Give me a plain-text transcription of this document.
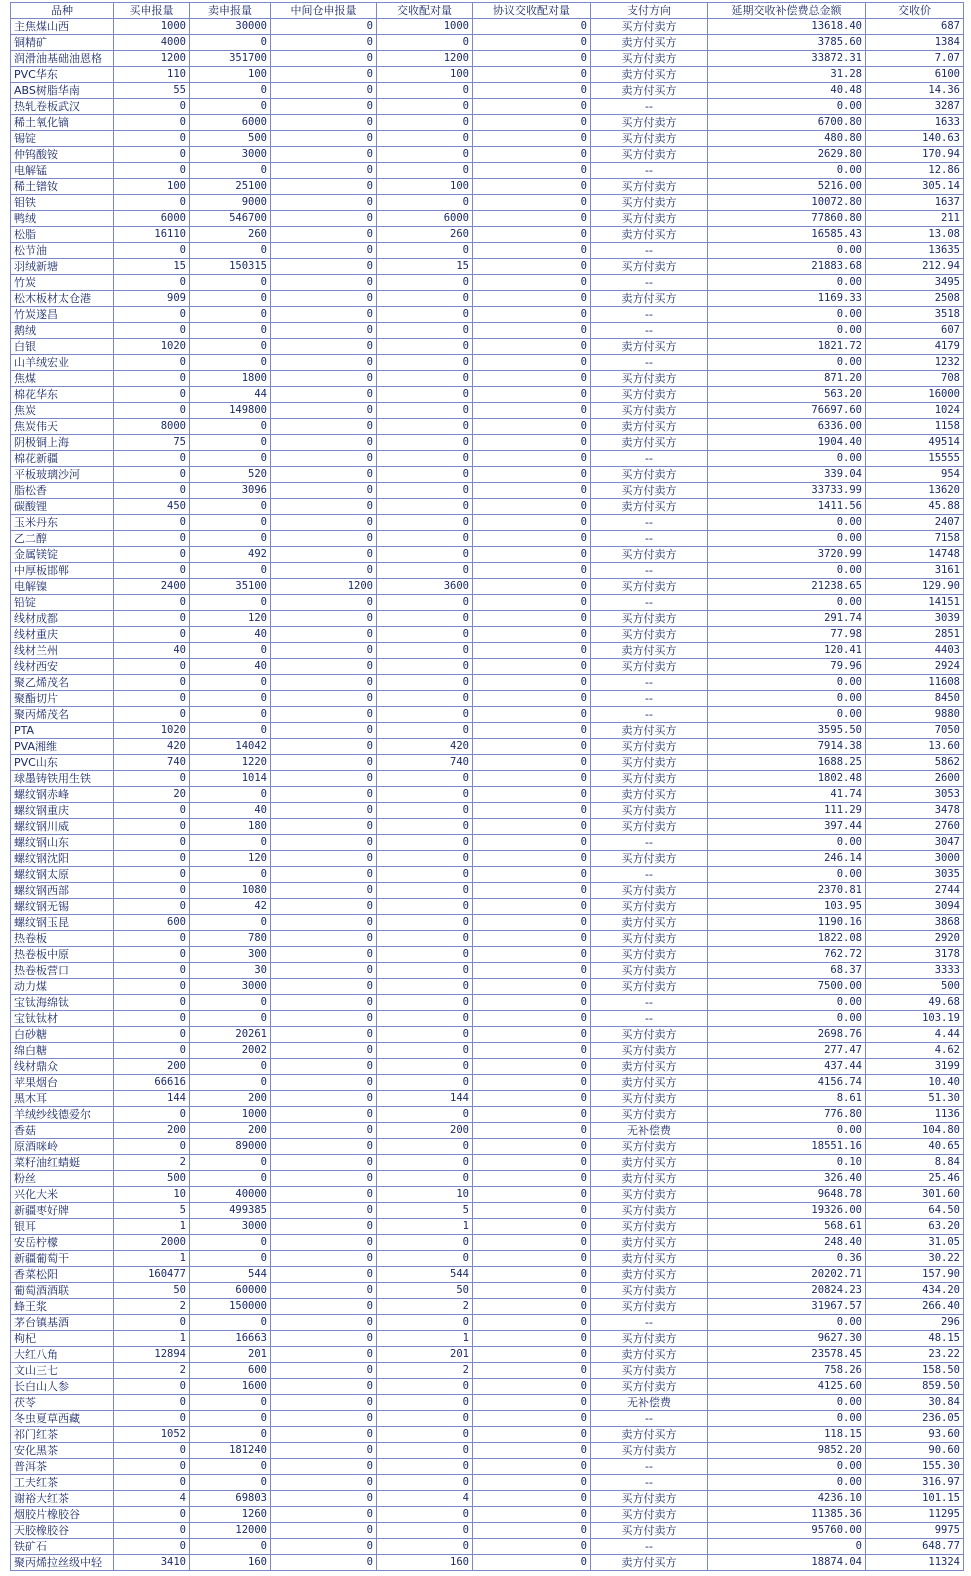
品种	买申报量	卖申报量	中间仓申报量	交收配对量	协议交收配对量	支付方向	延期交收补偿费总金额	交收价
主焦煤山西	1000	30000	0	1000	0	买方付卖方	13618.40	687
铜精矿	4000	0	0	0	0	卖方付买方	3785.60	1384
润滑油基础油恩格	1200	351700	0	1200	0	买方付卖方	33872.31	7.07
PVC华东	110	100	0	100	0	卖方付买方	31.28	6100
ABS树脂华南	55	0	0	0	0	卖方付买方	40.48	14.36
热轧卷板武汉	0	0	0	0	0	--	0.00	3287
稀土氧化镝	0	6000	0	0	0	买方付卖方	6700.80	1633
锡锭	0	500	0	0	0	买方付卖方	480.80	140.63
仲钨酸铵	0	3000	0	0	0	买方付卖方	2629.80	170.94
电解锰	0	0	0	0	0	--	0.00	12.86
稀土镨钕	100	25100	0	100	0	买方付卖方	5216.00	305.14
钼铁	0	9000	0	0	0	买方付卖方	10072.80	1637
鸭绒	6000	546700	0	6000	0	买方付卖方	77860.80	211
松脂	16110	260	0	260	0	卖方付买方	16585.43	13.08
松节油	0	0	0	0	0	--	0.00	13635
羽绒新塘	15	150315	0	15	0	买方付卖方	21883.68	212.94
竹炭	0	0	0	0	0	--	0.00	3495
松木板材太仓港	909	0	0	0	0	卖方付买方	1169.33	2508
竹炭遂昌	0	0	0	0	0	--	0.00	3518
鹅绒	0	0	0	0	0	--	0.00	607
白银	1020	0	0	0	0	卖方付买方	1821.72	4179
山羊绒宏业	0	0	0	0	0	--	0.00	1232
焦煤	0	1800	0	0	0	买方付卖方	871.20	708
棉花华东	0	44	0	0	0	买方付卖方	563.20	16000
焦炭	0	149800	0	0	0	买方付卖方	76697.60	1024
焦炭伟天	8000	0	0	0	0	卖方付买方	6336.00	1158
阴极铜上海	75	0	0	0	0	卖方付买方	1904.40	49514
棉花新疆	0	0	0	0	0	--	0.00	15555
平板玻璃沙河	0	520	0	0	0	买方付卖方	339.04	954
脂松香	0	3096	0	0	0	买方付卖方	33733.99	13620
碳酸锂	450	0	0	0	0	卖方付买方	1411.56	45.88
玉米丹东	0	0	0	0	0	--	0.00	2407
乙二醇	0	0	0	0	0	--	0.00	7158
金属镁锭	0	492	0	0	0	买方付卖方	3720.99	14748
中厚板邯郸	0	0	0	0	0	--	0.00	3161
电解镍	2400	35100	1200	3600	0	买方付卖方	21238.65	129.90
铅锭	0	0	0	0	0	--	0.00	14151
线材成都	0	120	0	0	0	买方付卖方	291.74	3039
线材重庆	0	40	0	0	0	买方付卖方	77.98	2851
线材兰州	40	0	0	0	0	卖方付买方	120.41	4403
线材西安	0	40	0	0	0	买方付卖方	79.96	2924
聚乙烯茂名	0	0	0	0	0	--	0.00	11608
聚酯切片	0	0	0	0	0	--	0.00	8450
聚丙烯茂名	0	0	0	0	0	--	0.00	9880
PTA	1020	0	0	0	0	卖方付买方	3595.50	7050
PVA湘维	420	14042	0	420	0	买方付卖方	7914.38	13.60
PVC山东	740	1220	0	740	0	买方付卖方	1688.25	5862
球墨铸铁用生铁	0	1014	0	0	0	买方付卖方	1802.48	2600
螺纹钢赤峰	20	0	0	0	0	卖方付买方	41.74	3053
螺纹钢重庆	0	40	0	0	0	买方付卖方	111.29	3478
螺纹钢川威	0	180	0	0	0	买方付卖方	397.44	2760
螺纹钢山东	0	0	0	0	0	--	0.00	3047
螺纹钢沈阳	0	120	0	0	0	买方付卖方	246.14	3000
螺纹钢太原	0	0	0	0	0	--	0.00	3035
螺纹钢西部	0	1080	0	0	0	买方付卖方	2370.81	2744
螺纹钢无锡	0	42	0	0	0	买方付卖方	103.95	3094
螺纹钢玉昆	600	0	0	0	0	卖方付买方	1190.16	3868
热卷板	0	780	0	0	0	买方付卖方	1822.08	2920
热卷板中原	0	300	0	0	0	买方付卖方	762.72	3178
热卷板营口	0	30	0	0	0	买方付卖方	68.37	3333
动力煤	0	3000	0	0	0	买方付卖方	7500.00	500
宝钛海绵钛	0	0	0	0	0	--	0.00	49.68
宝钛钛材	0	0	0	0	0	--	0.00	103.19
白砂糖	0	20261	0	0	0	买方付卖方	2698.76	4.44
绵白糖	0	2002	0	0	0	买方付卖方	277.47	4.62
线材鼎众	200	0	0	0	0	卖方付买方	437.44	3199
苹果烟台	66616	0	0	0	0	卖方付买方	4156.74	10.40
黑木耳	144	200	0	144	0	买方付卖方	8.61	51.30
羊绒纱线德爱尔	0	1000	0	0	0	买方付卖方	776.80	1136
香菇	200	200	0	200	0	无补偿费	0.00	104.80
原酒咪岭	0	89000	0	0	0	买方付卖方	18551.16	40.65
菜籽油红蜻蜓	2	0	0	0	0	卖方付买方	0.10	8.84
粉丝	500	0	0	0	0	卖方付买方	326.40	25.46
兴化大米	10	40000	0	10	0	买方付卖方	9648.78	301.60
新疆枣好牌	5	499385	0	5	0	买方付卖方	19326.00	64.50
银耳	1	3000	0	1	0	买方付卖方	568.61	63.20
安岳柠檬	2000	0	0	0	0	卖方付买方	248.40	31.05
新疆葡萄干	1	0	0	0	0	卖方付买方	0.36	30.22
香菜松阳	160477	544	0	544	0	卖方付买方	20202.71	157.90
葡萄酒酒联	50	60000	0	50	0	买方付卖方	20824.23	434.20
蜂王浆	2	150000	0	2	0	买方付卖方	31967.57	266.40
茅台镇基酒	0	0	0	0	0	--	0.00	296
枸杞	1	16663	0	1	0	买方付卖方	9627.30	48.15
大红八角	12894	201	0	201	0	卖方付买方	23578.45	23.22
文山三七	2	600	0	2	0	买方付卖方	758.26	158.50
长白山人参	0	1600	0	0	0	买方付卖方	4125.60	859.50
茯苓	0	0	0	0	0	无补偿费	0.00	30.84
冬虫夏草西藏	0	0	0	0	0	--	0.00	236.05
祁门红茶	1052	0	0	0	0	卖方付买方	118.15	93.60
安化黑茶	0	181240	0	0	0	买方付卖方	9852.20	90.60
普洱茶	0	0	0	0	0	--	0.00	155.30
工夫红茶	0	0	0	0	0	--	0.00	316.97
谢裕大红茶	4	69803	0	4	0	买方付卖方	4236.10	101.15
烟胶片橡胶谷	0	1260	0	0	0	买方付卖方	11385.36	11295
天胶橡胶谷	0	12000	0	0	0	买方付卖方	95760.00	9975
铁矿石	0	0	0	0	0	--	0	648.77
聚丙烯拉丝级中轻	3410	160	0	160	0	卖方付买方	18874.04	11324
